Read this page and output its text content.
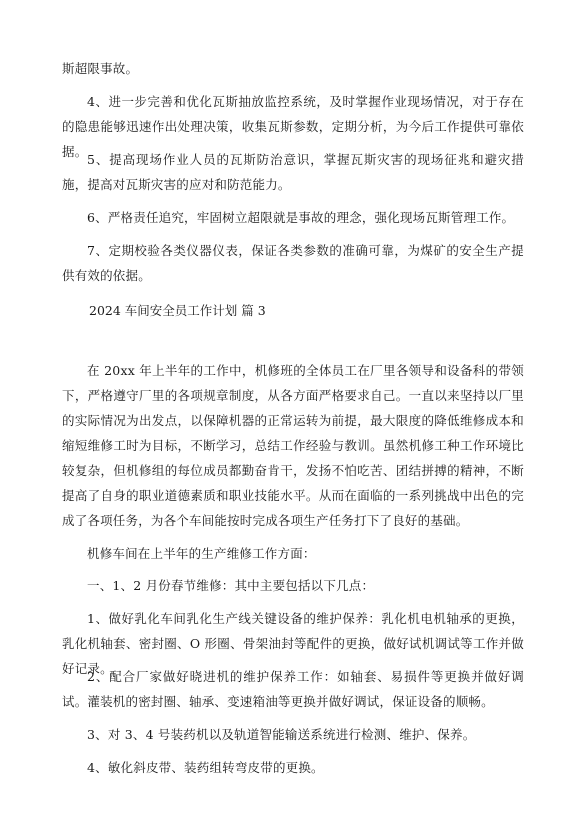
斯超限事故。

4、进一步完善和优化瓦斯抽放监控系统，及时掌握作业现场情况，对于存在的隐患能够迅速作出处理决策，收集瓦斯参数，定期分析，为今后工作提供可靠依据。

5、提高现场作业人员的瓦斯防治意识，掌握瓦斯灾害的现场征兆和避灾措施，提高对瓦斯灾害的应对和防范能力。

6、严格责任追究，牢固树立超限就是事故的理念，强化现场瓦斯管理工作。

7、定期校验各类仪器仪表，保证各类参数的准确可靠，为煤矿的安全生产提供有效的依据。

2024 车间安全员工作计划 篇 3

在 20xx 年上半年的工作中，机修班的全体员工在厂里各领导和设备科的带领下，严格遵守厂里的各项规章制度，从各方面严格要求自己。一直以来坚持以厂里的实际情况为出发点，以保障机器的正常运转为前提，最大限度的降低维修成本和缩短维修工时为目标，不断学习，总结工作经验与教训。虽然机修工种工作环境比较复杂，但机修组的每位成员都勤奋肯干，发扬不怕吃苦、团结拼搏的精神，不断提高了自身的职业道德素质和职业技能水平。从而在面临的一系列挑战中出色的完成了各项任务，为各个车间能按时完成各项生产任务打下了良好的基础。

机修车间在上半年的生产维修工作方面：

一、1、2 月份春节维修：其中主要包括以下几点：

1、做好乳化车间乳化生产线关键设备的维护保养：乳化机电机轴承的更换，乳化机轴套、密封圈、O 形圈、骨架油封等配件的更换，做好试机调试等工作并做好记录。

2、配合厂家做好晓进机的维护保养工作：如轴套、易损件等更换并做好调试。灌装机的密封圈、轴承、变速箱油等更换并做好调试，保证设备的顺畅。

3、对 3、4 号装药机以及轨道智能输送系统进行检测、维护、保养。

4、敏化斜皮带、装药组转弯皮带的更换。
